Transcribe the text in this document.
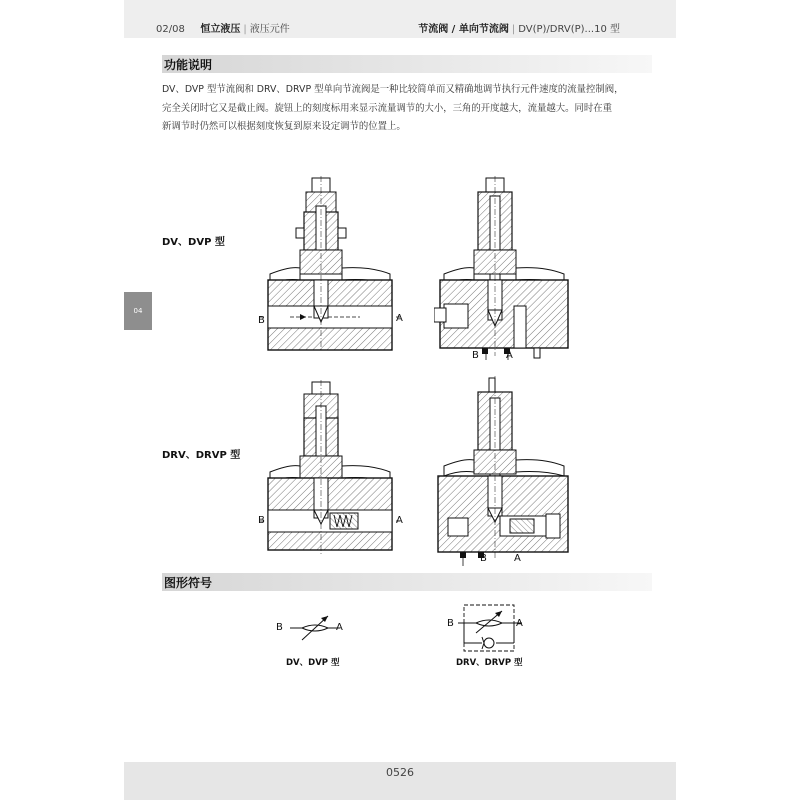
02/08 恒立液压 | 液压元件	节流阀 / 单向节流阀 | DV(P)/DRV(P)...10 型
功能说明
DV、DVP 型节流阀和 DRV、DRVP 型单向节流阀是一种比较简单而又精确地调节执行元件速度的流量控制阀，
完全关闭时它又是截止阀。旋钮上的刻度标用来显示流量调节的大小，三角的开度越大，流量越大。同时在重
新调节时仍然可以根据刻度恢复到原来设定调节的位置上。
04
DV、DVP 型
B	A
B	A
DRV、DRVP 型
B	A
B	A
图形符号
B	A
DV、DVP 型
B	A
DRV、DRVP 型
0526
